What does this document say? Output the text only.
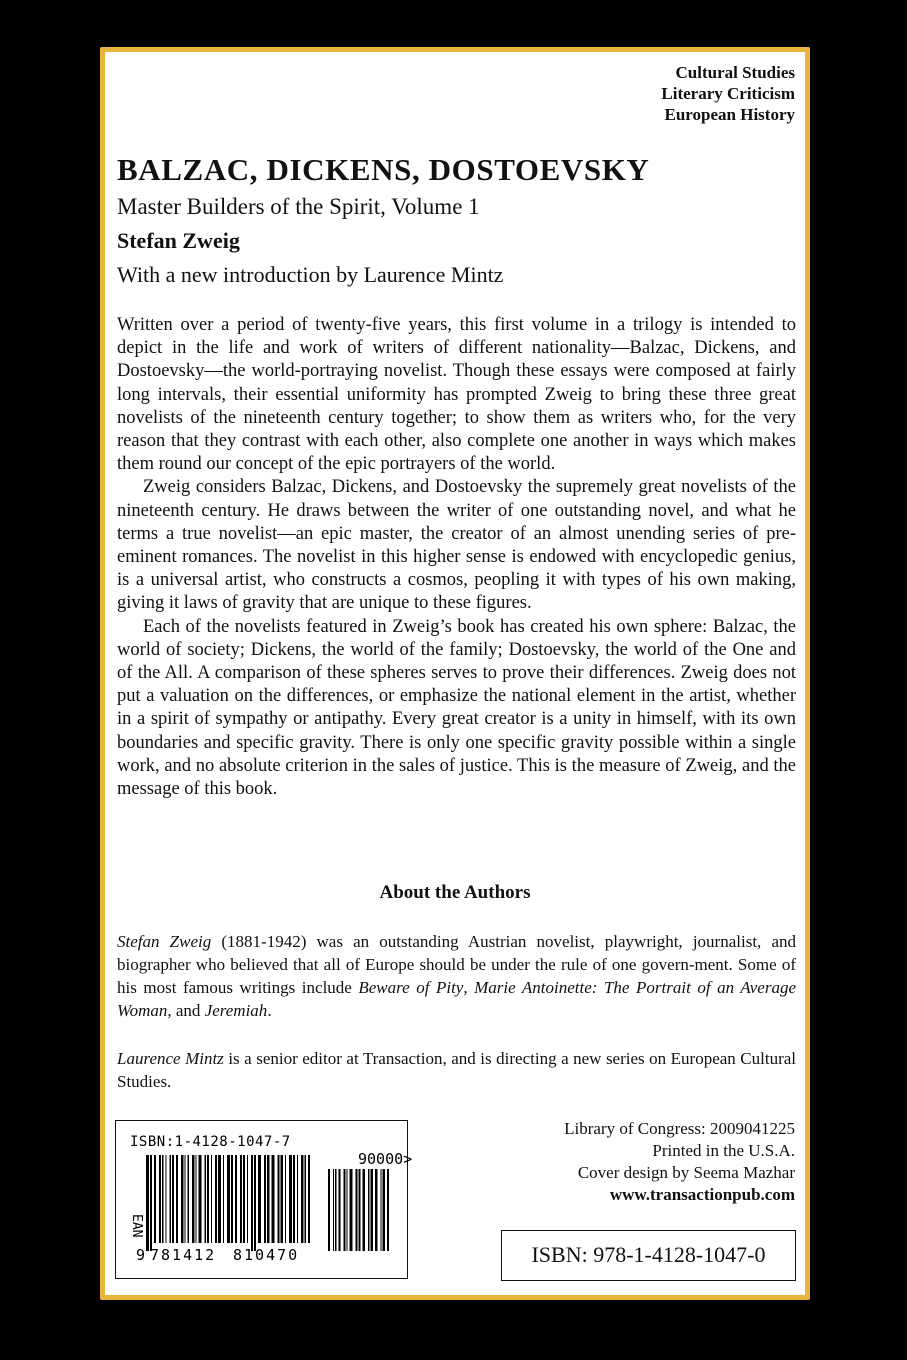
Cultural Studies
Literary Criticism
European History
BALZAC, DICKENS, DOSTOEVSKY
Master Builders of the Spirit, Volume 1
Stefan Zweig
With a new introduction by Laurence Mintz

Written over a period of twenty-five years, this first volume in a trilogy is intended to depict in the life and work of writers of different nationality—Balzac, Dickens, and Dostoevsky—the world-portraying novelist. Though these essays were composed at fairly long intervals, their essential uniformity has prompted Zweig to bring these three great novelists of the nineteenth century together; to show them as writers who, for the very reason that they contrast with each other, also complete one another in ways which makes them round our concept of the epic portrayers of the world.

Zweig considers Balzac, Dickens, and Dostoevsky the supremely great novelists of the nineteenth century. He draws between the writer of one outstanding novel, and what he terms a true novelist—an epic master, the creator of an almost unending series of pre-eminent romances. The novelist in this higher sense is endowed with encyclopedic genius, is a universal artist, who constructs a cosmos, peopling it with types of his own making, giving it laws of gravity that are unique to these figures.

Each of the novelists featured in Zweig’s book has created his own sphere: Balzac, the world of society; Dickens, the world of the family; Dostoevsky, the world of the One and of the All. A comparison of these spheres serves to prove their differences. Zweig does not put a valuation on the differences, or emphasize the national element in the artist, whether in a spirit of sympathy or antipathy. Every great creator is a unity in himself, with its own boundaries and specific gravity. There is only one specific gravity possible within a single work, and no absolute criterion in the sales of justice. This is the measure of Zweig, and the message of this book.

About the Authors

Stefan Zweig (1881-1942) was an outstanding Austrian novelist, playwright, journalist, and biographer who believed that all of Europe should be under the rule of one govern-ment. Some of his most famous writings include Beware of Pity, Marie Antoinette: The Portrait of an Average Woman, and Jeremiah.

Laurence Mintz is a senior editor at Transaction, and is directing a new series on European Cultural Studies.

ISBN:1-4128-1047-7
EAN
90000>
9 781412 810470
Library of Congress: 2009041225
Printed in the U.S.A.
Cover design by Seema Mazhar
www.transactionpub.com
ISBN: 978-1-4128-1047-0
